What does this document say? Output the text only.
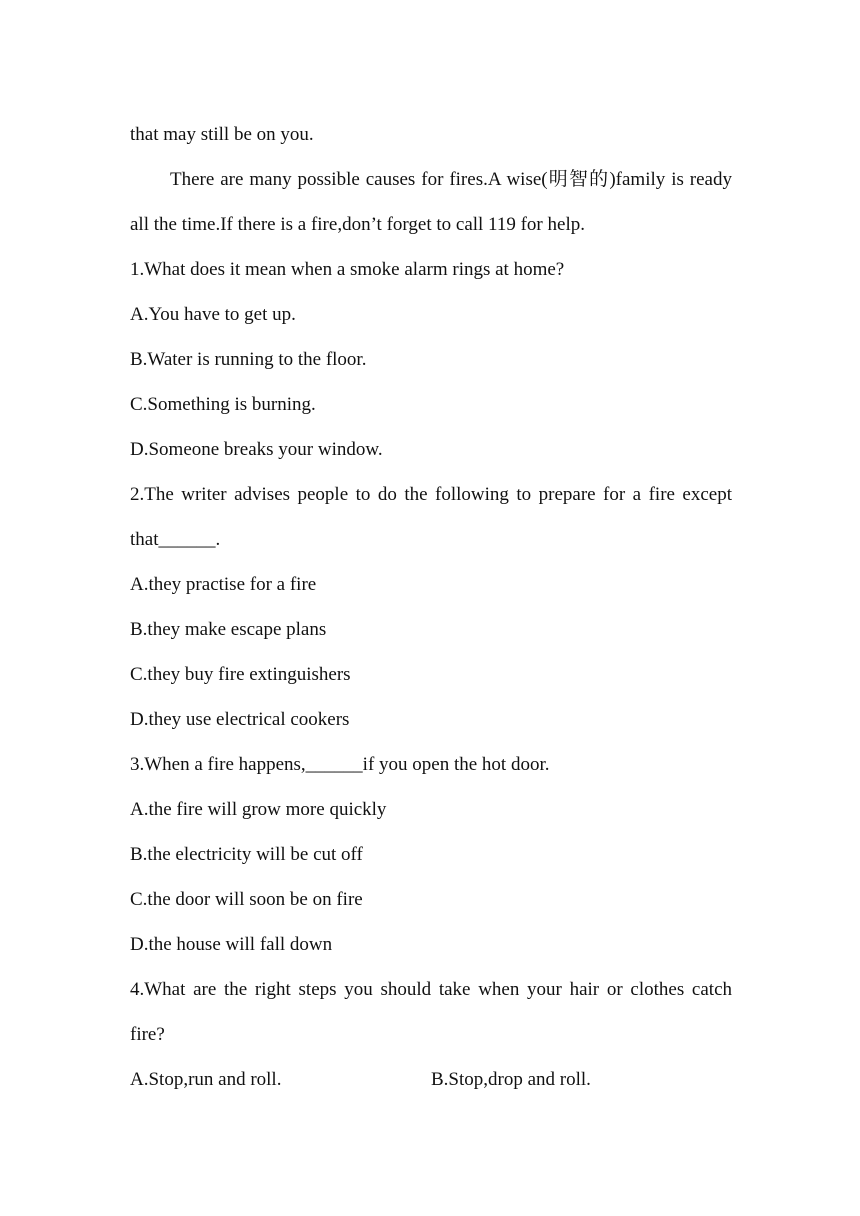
that may still be on you.

There are many possible causes for fires.A wise(明智的)family is ready all the time.If there is a fire,don’t forget to call 119 for help.

1.What does it mean when a smoke alarm rings at home?

A.You have to get up.

B.Water is running to the floor.

C.Something is burning.

D.Someone breaks your window.

2.The writer advises people to do the following to prepare for a fire except that______.

A.they practise for a fire

B.they make escape plans

C.they buy fire extinguishers

D.they use electrical cookers

3.When a fire happens,______if you open the hot door.

A.the fire will grow more quickly

B.the electricity will be cut off

C.the door will soon be on fire

D.the house will fall down

4.What are the right steps you should take when your hair or clothes catch fire?

A.Stop,run and roll.	B.Stop,drop and roll.
